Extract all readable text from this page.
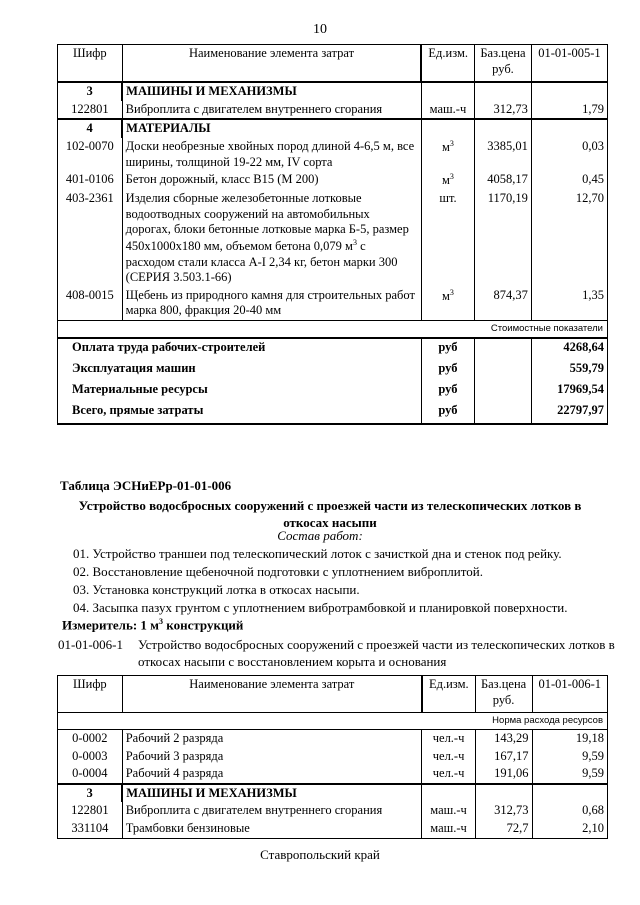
10
Шифр	Наименование элемента затрат	Ед.изм.	Баз.цена руб.	01-01-005-1
3	МАШИНЫ И МЕХАНИЗМЫ			
122801	Виброплита с двигателем внутреннего сгорания	маш.-ч	312,73	1,79
4	МАТЕРИАЛЫ			
102-0070	Доски необрезные хвойных пород длиной 4-6,5 м, все ширины, толщиной 19-22 мм, IV сорта	$м^3$	3385,01	0,03
401-0106	Бетон дорожный, класс В15 (М 200)	$м^3$	4058,17	0,45
403-2361	Изделия сборные железобетонные лотковые водоотводных сооружений на автомобильных дорогах, блоки бетонные лотковые марка Б-5, размер 450х1000х180 мм, объемом бетона 0,079 $м^3$ с расходом стали класса А-I 2,34 кг, бетон марки 300 (СЕРИЯ 3.503.1-66)	шт.	1170,19	12,70
408-0015	Щебень из природного камня для строительных работ марка 800, фракция 20-40 мм	$м^3$	874,37	1,35
Стоимостные показатели				
Оплата труда рабочих-строителей		руб		4268,64
Эксплуатация машин		руб		559,79
Материальные ресурсы		руб		17969,54
Всего, прямые затраты		руб		22797,97
Таблица ЭСНиЕРр-01-01-006
Устройство водосбросных сооружений с проезжей части из телескопических лотков в откосах насыпи
Состав работ:
01. Устройство траншеи под телескопический лоток с зачисткой дна и стенок под рейку.
02. Восстановление щебеночной подготовки с уплотнением виброплитой.
03. Установка конструкций лотка в откосах насыпи.
04. Засыпка пазух грунтом с уплотнением вибротрамбовкой и планировкой поверхности.
Измеритель: 1 $м^3$ конструкций
01-01-006-1 Устройство водосбросных сооружений с проезжей части из телескопических лотков в откосах насыпи с восстановлением корыта и основания
Шифр	Наименование элемента затрат	Ед.изм.	Баз.цена руб.	01-01-006-1
Норма расхода ресурсов				
0-0002	Рабочий 2 разряда	чел.-ч	143,29	19,18
0-0003	Рабочий 3 разряда	чел.-ч	167,17	9,59
0-0004	Рабочий 4 разряда	чел.-ч	191,06	9,59
3	МАШИНЫ И МЕХАНИЗМЫ			
122801	Виброплита с двигателем внутреннего сгорания	маш.-ч	312,73	0,68
331104	Трамбовки бензиновые	маш.-ч	72,7	2,10
Ставропольский край
